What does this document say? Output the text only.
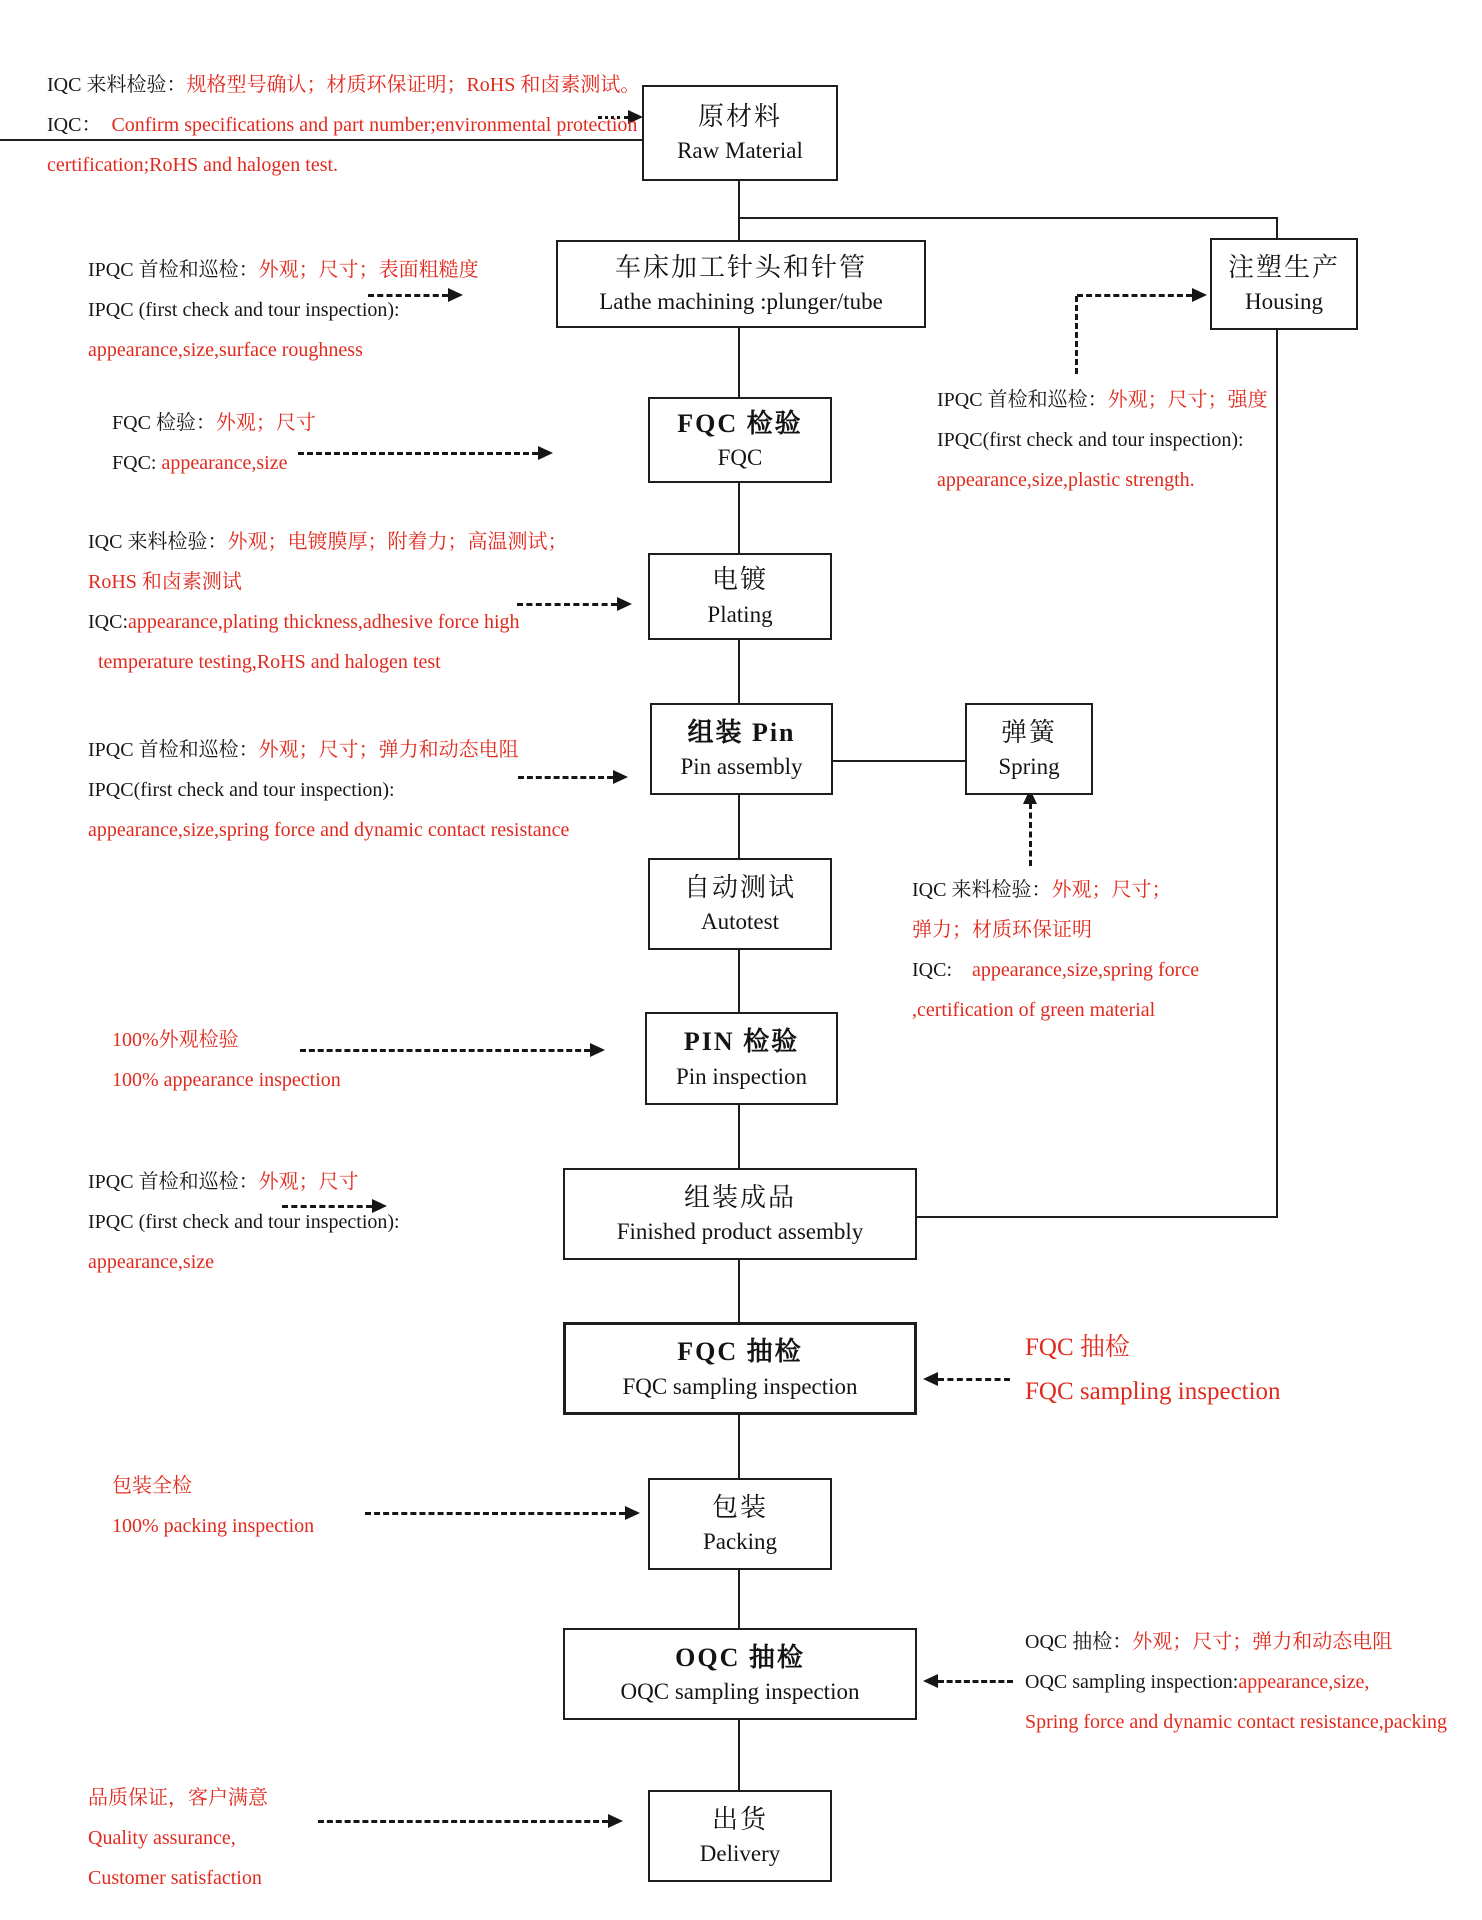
原材料
Raw Material
车床加工针头和针管
Lathe machining :plunger/tube
注塑生产
Housing
FQC 检验
FQC
电镀
Plating
组装 Pin
Pin assembly
弹簧
Spring
自动测试
Autotest
PIN 检验
Pin inspection
组装成品
Finished product assembly
FQC 抽检
FQC sampling inspection
包装
Packing
OQC 抽检
OQC sampling inspection
出货
Delivery
IQC 来料检验：规格型号确认；材质环保证明；RoHS 和卤素测试。
IQC：  Confirm specifications and part number;environmental protection
certification;RoHS and halogen test.
IPQC 首检和巡检：外观；尺寸；表面粗糙度
IPQC (first check and tour inspection):
appearance,size,surface roughness
FQC 检验：外观；尺寸
FQC: appearance,size
IQC 来料检验：外观；电镀膜厚；附着力；高温测试；
RoHS 和卤素测试
IQC:appearance,plating thickness,adhesive force high
temperature testing,RoHS and halogen test
IPQC 首检和巡检：外观；尺寸；弹力和动态电阻
IPQC(first check and tour inspection):
appearance,size,spring force and dynamic contact resistance
100%外观检验
100% appearance inspection
IPQC 首检和巡检：外观；尺寸
IPQC (first check and tour inspection):
appearance,size
包装全检
100% packing inspection
品质保证，客户满意
Quality assurance,
Customer satisfaction
IPQC 首检和巡检：外观；尺寸；强度
IPQC(first check and tour inspection):
appearance,size,plastic strength.
IQC 来料检验：外观；尺寸；
弹力；材质环保证明
IQC:    appearance,size,spring force
,certification of green material
FQC 抽检
FQC sampling inspection
OQC 抽检：外观；尺寸；弹力和动态电阻
OQC sampling inspection:appearance,size,
Spring force and dynamic contact resistance,packing
